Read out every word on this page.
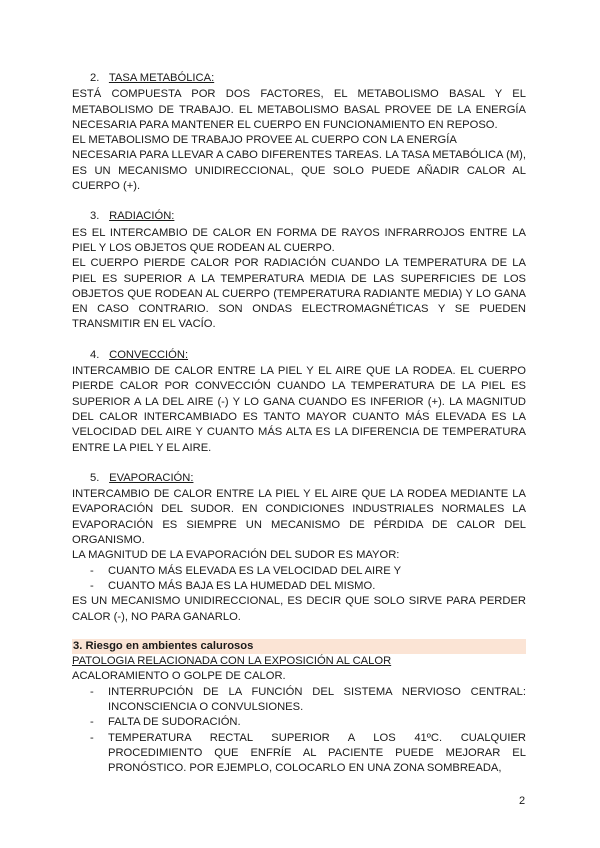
2. TASA METABÓLICA:

ESTÁ COMPUESTA POR DOS FACTORES, EL METABOLISMO BASAL Y EL METABOLISMO DE TRABAJO. EL METABOLISMO BASAL PROVEE DE LA ENERGÍA NECESARIA PARA MANTENER EL CUERPO EN FUNCIONAMIENTO EN REPOSO.

EL METABOLISMO DE TRABAJO PROVEE AL CUERPO CON LA ENERGÍA

NECESARIA PARA LLEVAR A CABO DIFERENTES TAREAS. LA TASA METABÓLICA (M), ES UN MECANISMO UNIDIRECCIONAL, QUE SOLO PUEDE AÑADIR CALOR AL CUERPO (+).

3. RADIACIÓN:

ES EL INTERCAMBIO DE CALOR EN FORMA DE RAYOS INFRARROJOS ENTRE LA PIEL Y LOS OBJETOS QUE RODEAN AL CUERPO.

EL CUERPO PIERDE CALOR POR RADIACIÓN CUANDO LA TEMPERATURA DE LA PIEL ES SUPERIOR A LA TEMPERATURA MEDIA DE LAS SUPERFICIES DE LOS OBJETOS QUE RODEAN AL CUERPO (TEMPERATURA RADIANTE MEDIA) Y LO GANA EN CASO CONTRARIO. SON ONDAS ELECTROMAGNÉTICAS Y SE PUEDEN TRANSMITIR EN EL VACÍO.

4. CONVECCIÓN:

INTERCAMBIO DE CALOR ENTRE LA PIEL Y EL AIRE QUE LA RODEA. EL CUERPO PIERDE CALOR POR CONVECCIÓN CUANDO LA TEMPERATURA DE LA PIEL ES SUPERIOR A LA DEL AIRE (-) Y LO GANA CUANDO ES INFERIOR (+). LA MAGNITUD DEL CALOR INTERCAMBIADO ES TANTO MAYOR CUANTO MÁS ELEVADA ES LA VELOCIDAD DEL AIRE Y CUANTO MÁS ALTA ES LA DIFERENCIA DE TEMPERATURA ENTRE LA PIEL Y EL AIRE.

5. EVAPORACIÓN:

INTERCAMBIO DE CALOR ENTRE LA PIEL Y EL AIRE QUE LA RODEA MEDIANTE LA EVAPORACIÓN DEL SUDOR. EN CONDICIONES INDUSTRIALES NORMALES LA EVAPORACIÓN ES SIEMPRE UN MECANISMO DE PÉRDIDA DE CALOR DEL ORGANISMO.

LA MAGNITUD DE LA EVAPORACIÓN DEL SUDOR ES MAYOR:

- CUANTO MÁS ELEVADA ES LA VELOCIDAD DEL AIRE Y
- CUANTO MÁS BAJA ES LA HUMEDAD DEL MISMO.

ES UN MECANISMO UNIDIRECCIONAL, ES DECIR QUE SOLO SIRVE PARA PERDER CALOR (-), NO PARA GANARLO.

3. Riesgo en ambientes calurosos
PATOLOGIA RELACIONADA CON LA EXPOSICIÓN AL CALOR

ACALORAMIENTO O GOLPE DE CALOR.

- INTERRUPCIÓN DE LA FUNCIÓN DEL SISTEMA NERVIOSO CENTRAL: INCONSCIENCIA O CONVULSIONES.
- FALTA DE SUDORACIÓN.
- TEMPERATURA RECTAL SUPERIOR A LOS 41ºC. CUALQUIER PROCEDIMIENTO QUE ENFRÍE AL PACIENTE PUEDE MEJORAR EL PRONÓSTICO. POR EJEMPLO, COLOCARLO EN UNA ZONA SOMBREADA,
2
